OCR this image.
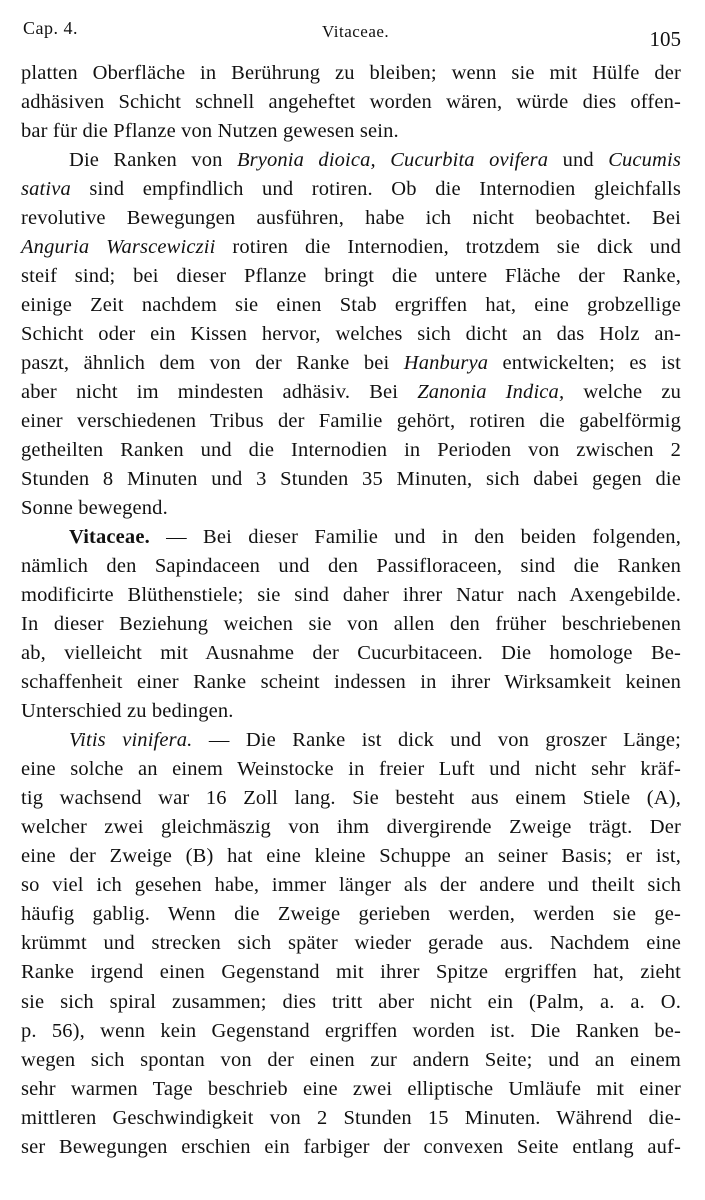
Cap. 4.	Vitaceae.	105
platten Oberfläche in Berührung zu bleiben; wenn sie mit Hülfe der
adhäsiven Schicht schnell angeheftet worden wären, würde dies offen-
bar für die Pflanze von Nutzen gewesen sein.
Die Ranken von Bryonia dioica, Cucurbita ovifera und Cucumis
sativa sind empfindlich und rotiren. Ob die Internodien gleichfalls
revolutive Bewegungen ausführen, habe ich nicht beobachtet. Bei
Anguria Warscewiczii rotiren die Internodien, trotzdem sie dick und
steif sind; bei dieser Pflanze bringt die untere Fläche der Ranke,
einige Zeit nachdem sie einen Stab ergriffen hat, eine grobzellige
Schicht oder ein Kissen hervor, welches sich dicht an das Holz an-
paszt, ähnlich dem von der Ranke bei Hanburya entwickelten; es ist
aber nicht im mindesten adhäsiv. Bei Zanonia Indica, welche zu
einer verschiedenen Tribus der Familie gehört, rotiren die gabelförmig
getheilten Ranken und die Internodien in Perioden von zwischen 2
Stunden 8 Minuten und 3 Stunden 35 Minuten, sich dabei gegen die
Sonne bewegend.
Vitaceae. — Bei dieser Familie und in den beiden folgenden,
nämlich den Sapindaceen und den Passifloraceen, sind die Ranken
modificirte Blüthenstiele; sie sind daher ihrer Natur nach Axengebilde.
In dieser Beziehung weichen sie von allen den früher beschriebenen
ab, vielleicht mit Ausnahme der Cucurbitaceen. Die homologe Be-
schaffenheit einer Ranke scheint indessen in ihrer Wirksamkeit keinen
Unterschied zu bedingen.
Vitis vinifera. — Die Ranke ist dick und von groszer Länge;
eine solche an einem Weinstocke in freier Luft und nicht sehr kräf-
tig wachsend war 16 Zoll lang. Sie besteht aus einem Stiele (A),
welcher zwei gleichmäszig von ihm divergirende Zweige trägt. Der
eine der Zweige (B) hat eine kleine Schuppe an seiner Basis; er ist,
so viel ich gesehen habe, immer länger als der andere und theilt sich
häufig gablig. Wenn die Zweige gerieben werden, werden sie ge-
krümmt und strecken sich später wieder gerade aus. Nachdem eine
Ranke irgend einen Gegenstand mit ihrer Spitze ergriffen hat, zieht
sie sich spiral zusammen; dies tritt aber nicht ein (Palm, a. a. O.
p. 56), wenn kein Gegenstand ergriffen worden ist. Die Ranken be-
wegen sich spontan von der einen zur andern Seite; und an einem
sehr warmen Tage beschrieb eine zwei elliptische Umläufe mit einer
mittleren Geschwindigkeit von 2 Stunden 15 Minuten. Während die-
ser Bewegungen erschien ein farbiger der convexen Seite entlang auf-
